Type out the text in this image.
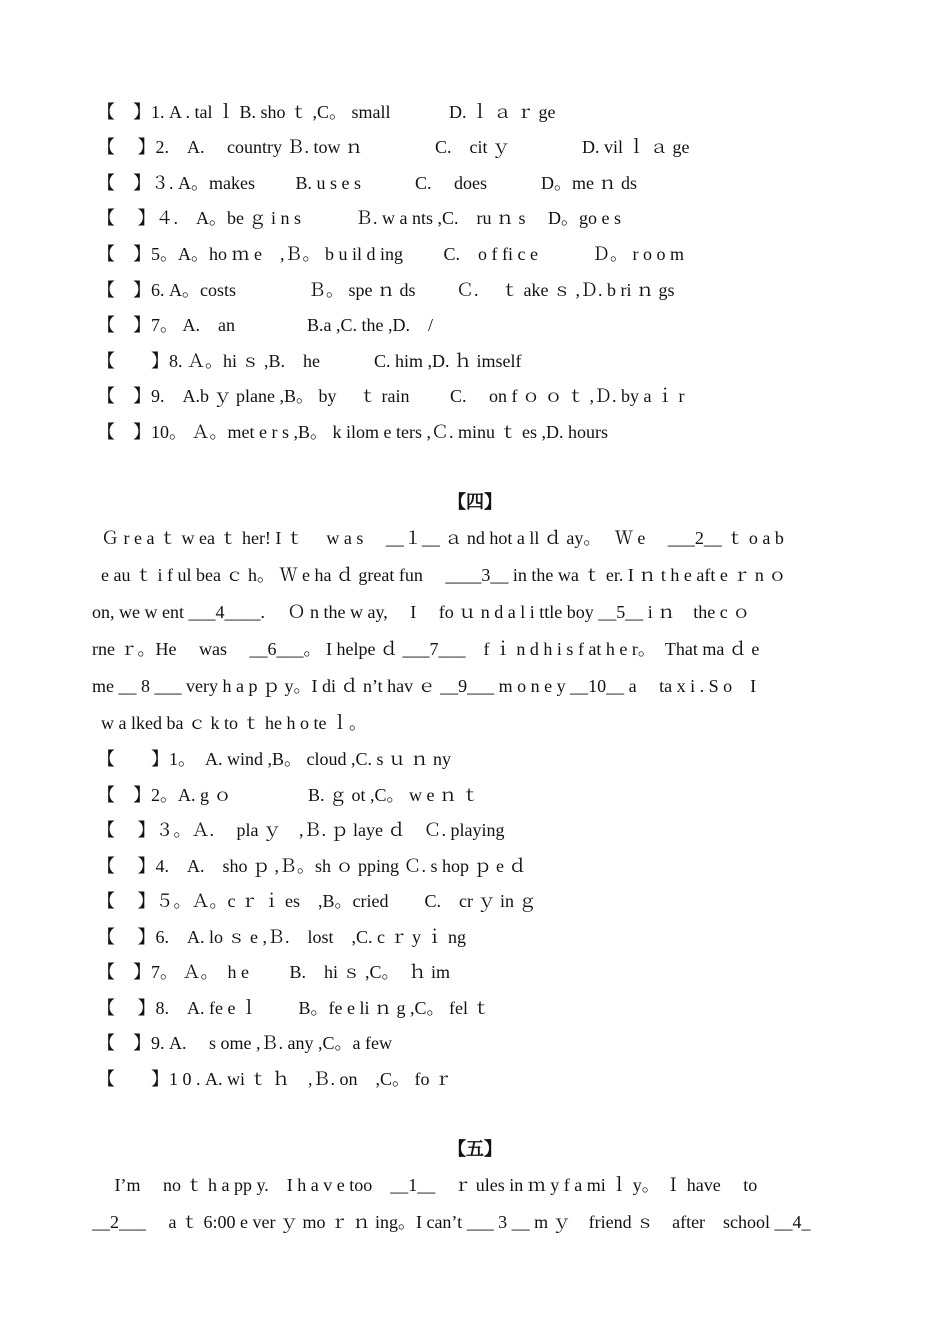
【　】1. A . tal ｌ B. sho ｔ ,C。 small 　　　D. ｌ ａ ｒ ge
【　 】2.　A.　 country Ｂ. tow ｎ　　　　C.　cit ｙ　　　　D. vil ｌ ａ ge
【　】３. A。makes　　 B. u s e s　　　C.　 does　　　D。me ｎ ds
【　 】４.　A。be ｇ i n s　　　Ｂ. w a nts ,C.　ru ｎ s　 D。go e s
【　】5。A。ho ｍ e　,Ｂ。 b u il d ing　　 C.　o f fi c e　　　Ｄ。 r o o m
【　】6. A。costs　　　　Ｂ。 spe ｎ ds　　 Ｃ.　 ｔ ake ｓ ,Ｄ. b ri ｎ gs
【　】7。 A.　an　　　　B.a ,C. the ,D.　/
【　　】8. Ａ。hi ｓ ,B.　he　　　C. him ,D. ｈ imself
【　】9.　A.b ｙ plane ,B。 by　 ｔ rain　　 C.　 on f ｏ ｏ ｔ ,Ｄ. by a ｉ r
【　】10。 Ａ。met e r s ,B。 k ilom e ters ,Ｃ. minu ｔ es ,D. hours
【四】
Ｇ r e a ｔ w ea ｔ her! I ｔ　 w a s　 __１__ ａ nd hot a ll ｄ ay。　 Ｗ e　 ___2__ ｔ o a b
e au ｔ i f ul bea ｃ h。 Ｗ e ha ｄ great fun　 ____3__ in the wa ｔ er. I ｎ t h e aft e ｒ n ｏ
on, we w ent ___4____.　 Ｏ n the w ay,　 I　 fo ｕ n d a l i ttle boy __5__ i ｎ　the c ｏ
rne ｒ。He　 was　 __6___。 I helpe ｄ ___7___　f ｉ n d h i s f at h e r。　That ma ｄ e
me __ 8 ___ very h a p ｐ y。I di ｄ n’t hav ｅ __9___ m o n e y __10__ a　 ta x i . S o　I
w a lked ba ｃ k to ｔ he h o te ｌ。
【　　】1。　A. wind ,B。 cloud ,C. s ｕ ｎ ny
【　】2。A. g ｏ　　　　 B. ｇ ot ,C。 w e ｎ ｔ
【　 】３。Ａ.　 pla ｙ　,Ｂ. ｐ laye ｄ　Ｃ. playing
【　 】4.　A.　sho ｐ ,Ｂ。sh ｏ pping Ｃ. s hop ｐ e ｄ
【　 】５。Ａ。c ｒ ｉ es　,B。cried　　C.　cr ｙ in ｇ
【　 】6.　A. lo ｓ e ,Ｂ.　lost　,C. c ｒ y ｉ ng
【　】7。 Ａ。　h e　　 B.　hi ｓ ,C。　ｈ im
【　 】8.　A. fe e ｌ　　 B。fe e li ｎ g ,C。 fel ｔ
【　】9. A.　 s ome ,Ｂ. any ,C。a few
【　　】1 0 . A. wi ｔ ｈ　,Ｂ. on　,C。 fo ｒ
【五】
　 I’m　 no ｔ h a pp y.　I h a v e too　__1__　ｒ ules in ｍ y f a mi ｌ y。 Ｉ have　 to
__2___　 a ｔ 6:00 e ver ｙ mo ｒ ｎ ing。I can’t ___ 3 __ m ｙ　friend ｓ　after　school __4_
